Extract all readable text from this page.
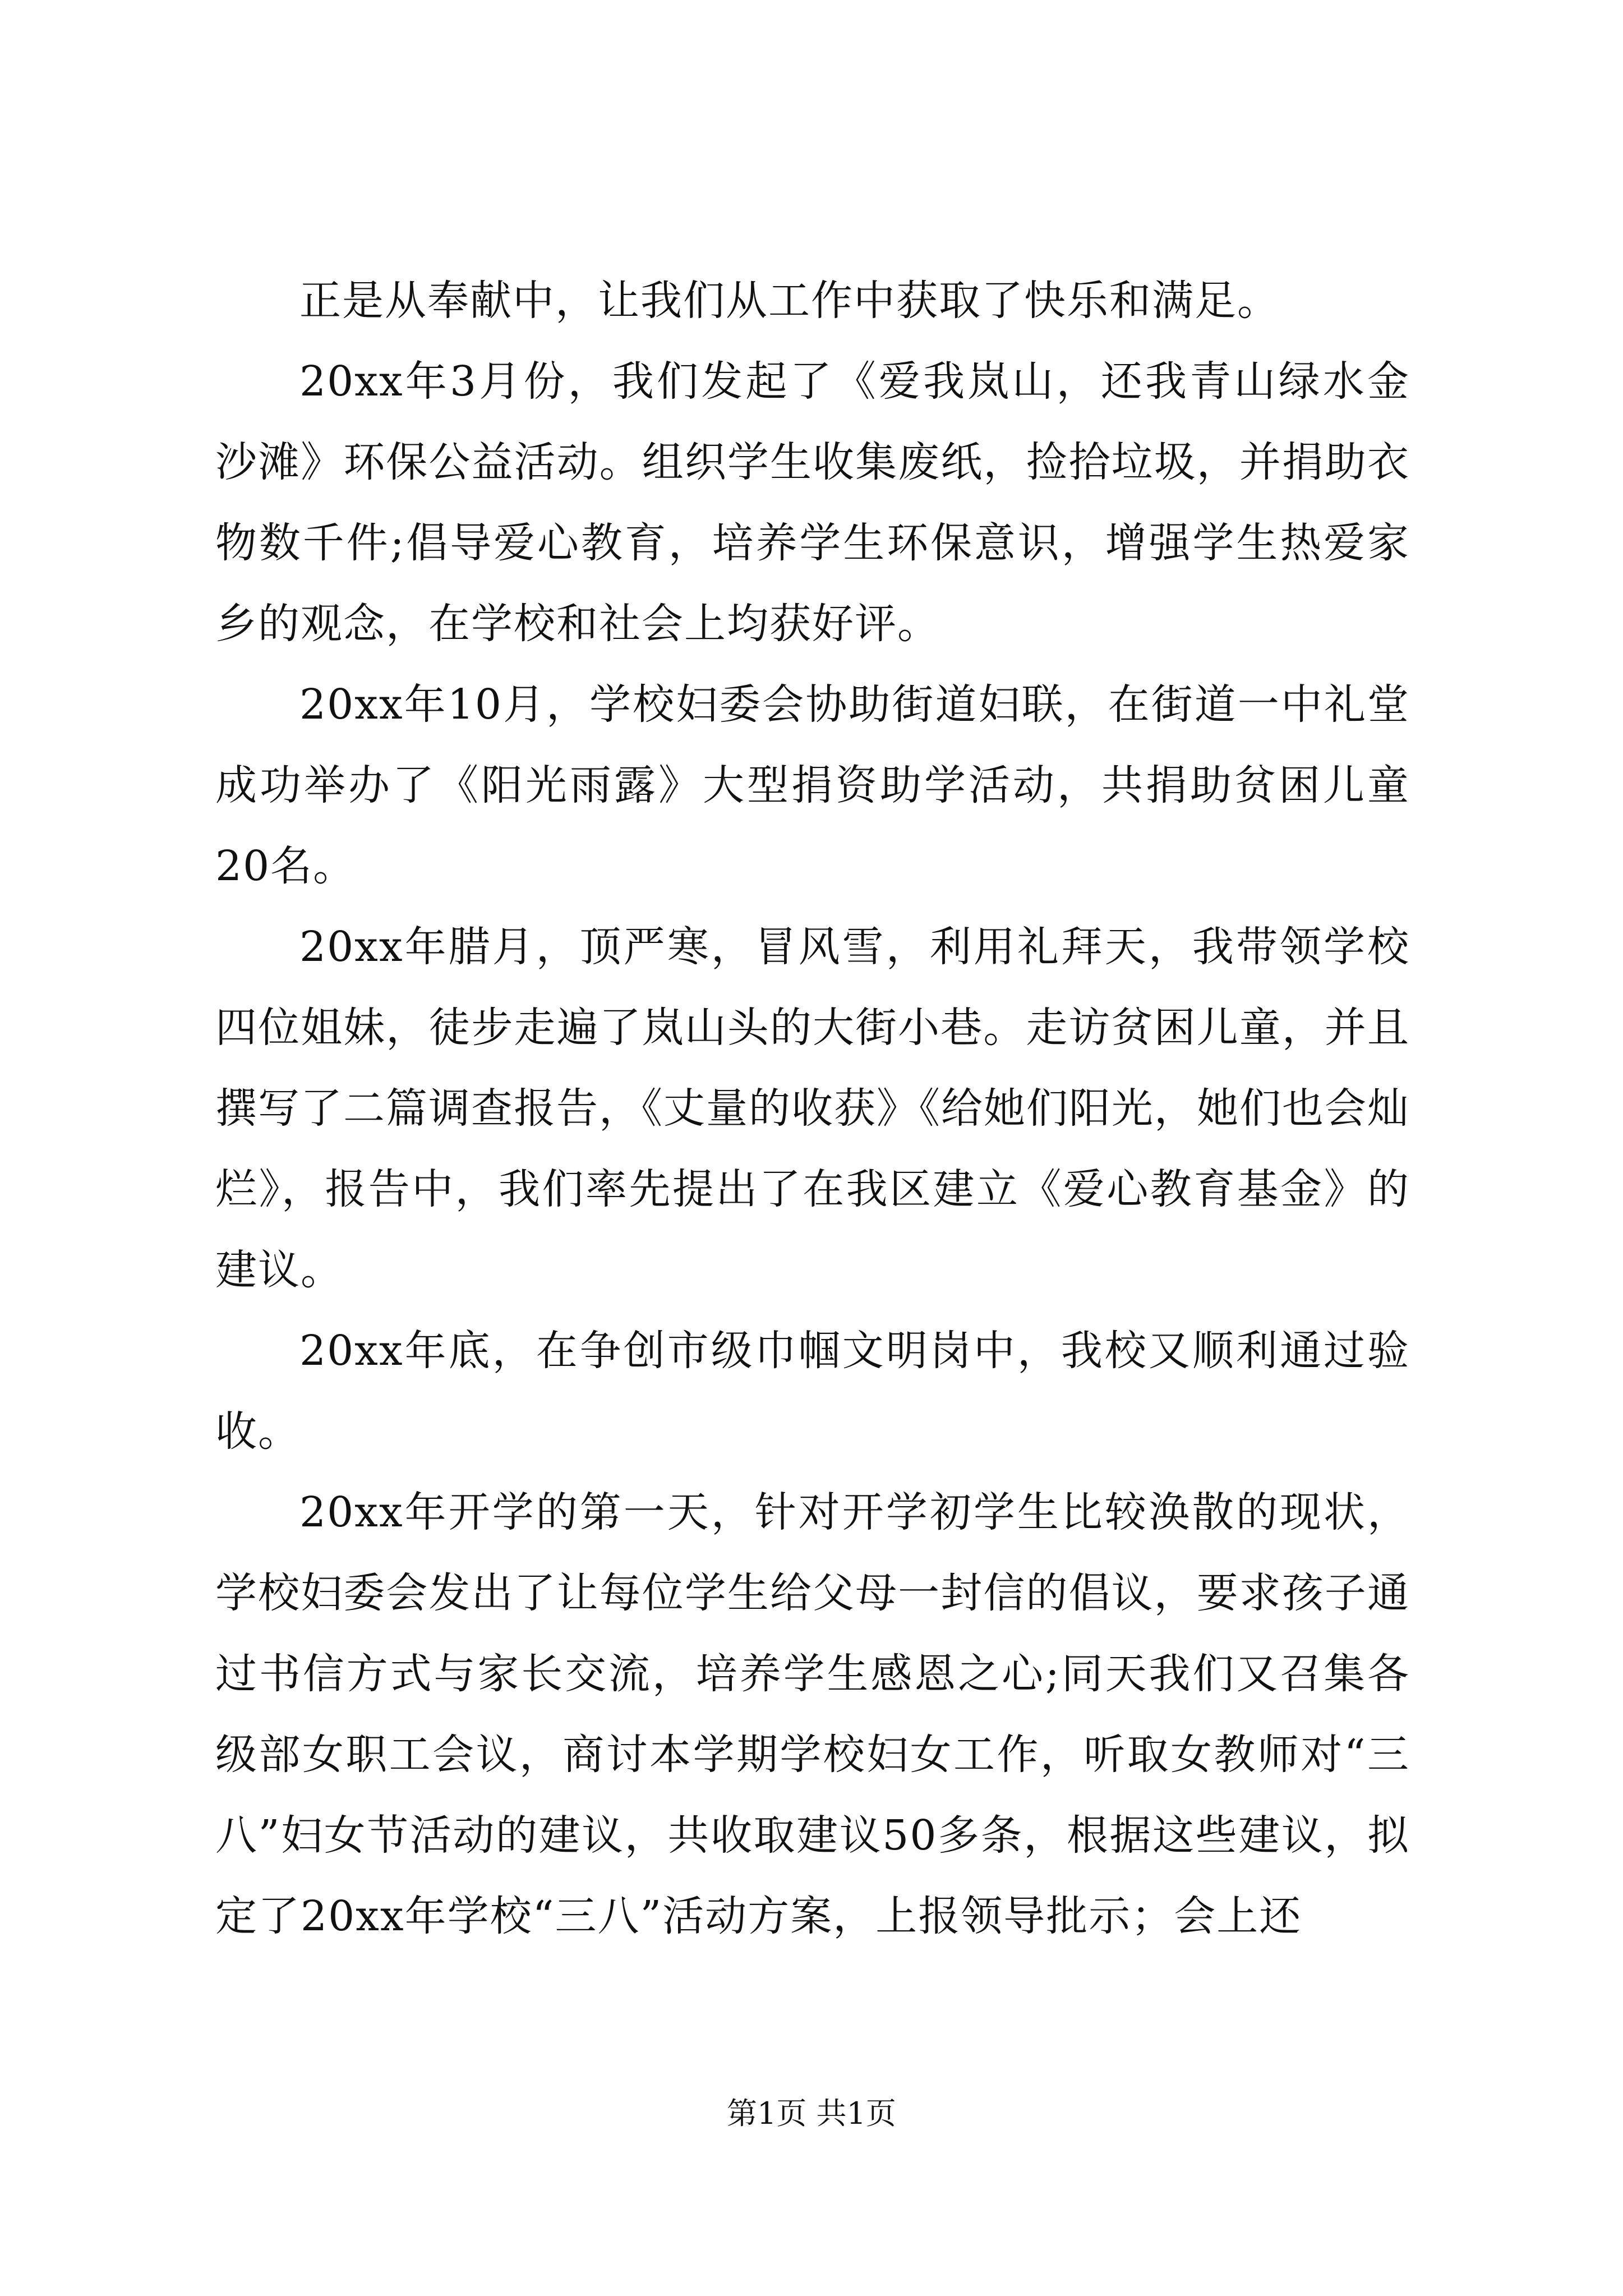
正是从奉献中，让我们从工作中获取了快乐和满足。

20xx年3月份，我们发起了《爱我岚山，还我青山绿水金沙滩》环保公益活动。组织学生收集废纸，捡拾垃圾，并捐助衣物数千件;倡导爱心教育，培养学生环保意识，增强学生热爱家乡的观念，在学校和社会上均获好评。

20xx年10月，学校妇委会协助街道妇联，在街道一中礼堂成功举办了《阳光雨露》大型捐资助学活动，共捐助贫困儿童20名。

20xx年腊月，顶严寒，冒风雪，利用礼拜天，我带领学校四位姐妹，徒步走遍了岚山头的大街小巷。走访贫困儿童，并且撰写了二篇调查报告，《丈量的收获》《给她们阳光，她们也会灿烂》，报告中，我们率先提出了在我区建立《爱心教育基金》的建议。

20xx年底，在争创市级巾帼文明岗中，我校又顺利通过验收。

20xx年开学的第一天，针对开学初学生比较涣散的现状，学校妇委会发出了让每位学生给父母一封信的倡议，要求孩子通过书信方式与家长交流，培养学生感恩之心;同天我们又召集各级部女职工会议，商讨本学期学校妇女工作，听取女教师对“三八”妇女节活动的建议，共收取建议50多条，根据这些建议，拟定了20xx年学校“三八”活动方案，上报领导批示；会上还

第1页 共1页
